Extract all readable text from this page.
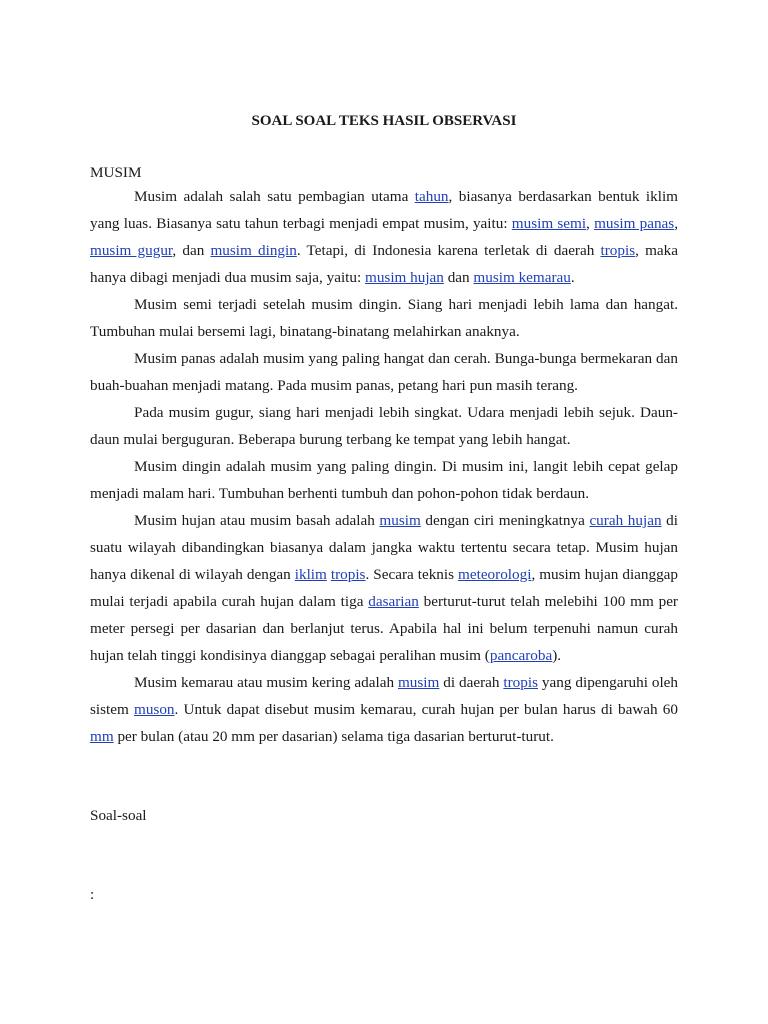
SOAL SOAL TEKS HASIL OBSERVASI

MUSIM

Musim adalah salah satu pembagian utama tahun, biasanya berdasarkan bentuk iklim yang luas. Biasanya satu tahun terbagi menjadi empat musim, yaitu: musim semi, musim panas, musim gugur, dan musim dingin. Tetapi, di Indonesia karena terletak di daerah tropis, maka hanya dibagi menjadi dua musim saja, yaitu: musim hujan dan musim kemarau.

Musim semi terjadi setelah musim dingin. Siang hari menjadi lebih lama dan hangat. Tumbuhan mulai bersemi lagi, binatang-binatang melahirkan anaknya.

Musim panas adalah musim yang paling hangat dan cerah. Bunga-bunga bermekaran dan buah-buahan menjadi matang. Pada musim panas, petang hari pun masih terang.

Pada musim gugur, siang hari menjadi lebih singkat. Udara menjadi lebih sejuk. Daun-daun mulai berguguran. Beberapa burung terbang ke tempat yang lebih hangat.

Musim dingin adalah musim yang paling dingin. Di musim ini, langit lebih cepat gelap menjadi malam hari. Tumbuhan berhenti tumbuh dan pohon-pohon tidak berdaun.

Musim hujan atau musim basah adalah musim dengan ciri meningkatnya curah hujan di suatu wilayah dibandingkan biasanya dalam jangka waktu tertentu secara tetap. Musim hujan hanya dikenal di wilayah dengan iklim tropis. Secara teknis meteorologi, musim hujan dianggap mulai terjadi apabila curah hujan dalam tiga dasarian berturut-turut telah melebihi 100 mm per meter persegi per dasarian dan berlanjut terus. Apabila hal ini belum terpenuhi namun curah hujan telah tinggi kondisinya dianggap sebagai peralihan musim (pancaroba).

Musim kemarau atau musim kering adalah musim di daerah tropis yang dipengaruhi oleh sistem muson. Untuk dapat disebut musim kemarau, curah hujan per bulan harus di bawah 60 mm per bulan (atau 20 mm per dasarian) selama tiga dasarian berturut-turut.

Soal-soal

:
